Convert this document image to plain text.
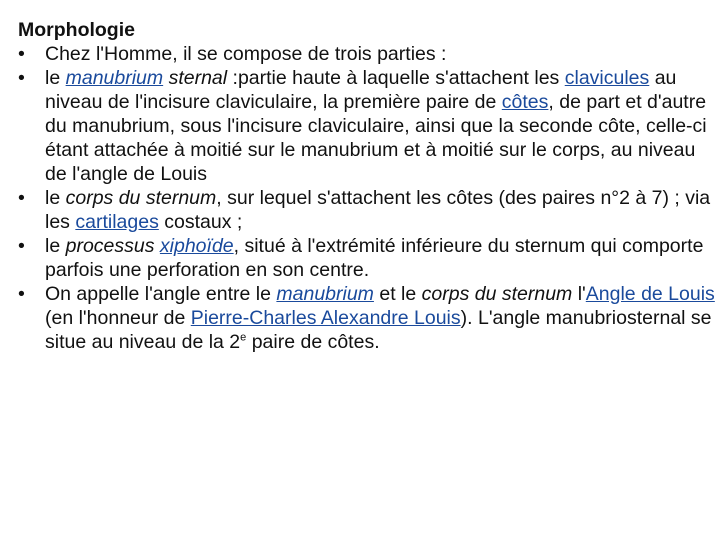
Morphologie

•	Chez l'Homme, il se compose de trois parties :
•	le manubrium sternal :partie haute à laquelle s'attachent les clavicules au niveau de l'incisure claviculaire, la première paire de côtes, de part et d'autre du manubrium, sous l'incisure claviculaire, ainsi que la seconde côte, celle-ci étant attachée à moitié sur le manubrium et à moitié sur le corps, au niveau de l'angle de Louis
•	le corps du sternum, sur lequel s'attachent les côtes (des paires n°2 à 7) ; via les cartilages costaux ;
•	le processus xiphoïde, situé à l'extrémité inférieure du sternum qui comporte parfois une perforation en son centre.
•	On appelle l'angle entre le manubrium et le corps du sternum l'Angle de Louis (en l'honneur de Pierre-Charles Alexandre Louis). L'angle manubriosternal se situe au niveau de la 2e paire de côtes.
